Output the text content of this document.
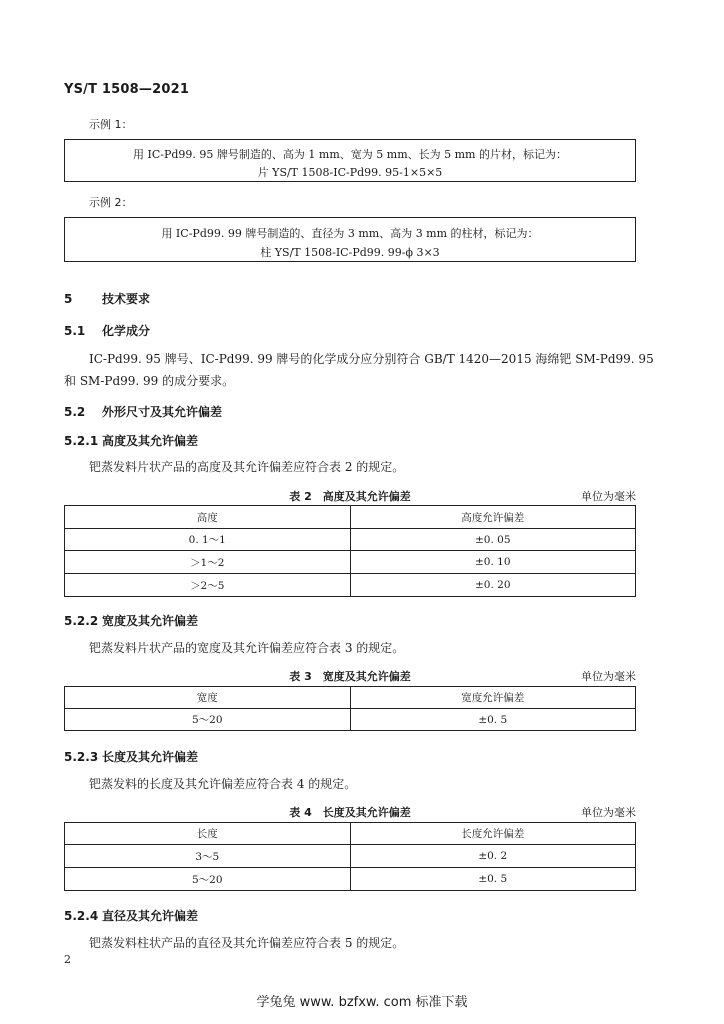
YS/T 1508—2021
示例 1：
用 IC-Pd99. 95 牌号制造的、高为 1 mm、宽为 5 mm、长为 5 mm 的片材，标记为：
片 YS/T 1508-IC-Pd99. 95-1×5×5
示例 2：
用 IC-Pd99. 99 牌号制造的、直径为 3 mm、高为 3 mm 的柱材，标记为：
柱 YS/T 1508-IC-Pd99. 99-ϕ 3×3
5 技术要求
5.1 化学成分
IC-Pd99. 95 牌号、IC-Pd99. 99 牌号的化学成分应分别符合 GB/T 1420—2015 海绵钯 SM-Pd99. 95
和 SM-Pd99. 99 的成分要求。
5.2 外形尺寸及其允许偏差
5.2.1 高度及其允许偏差
钯蒸发料片状产品的高度及其允许偏差应符合表 2 的规定。
表 2　高度及其允许偏差	单位为毫米
高度	高度允许偏差
0. 1～1	±0. 05
＞1～2	±0. 10
＞2～5	±0. 20
5.2.2 宽度及其允许偏差
钯蒸发料片状产品的宽度及其允许偏差应符合表 3 的规定。
表 3　宽度及其允许偏差	单位为毫米
宽度	宽度允许偏差
5～20	±0. 5
5.2.3 长度及其允许偏差
钯蒸发料的长度及其允许偏差应符合表 4 的规定。
表 4　长度及其允许偏差	单位为毫米
长度	长度允许偏差
3～5	±0. 2
5～20	±0. 5
5.2.4 直径及其允许偏差
钯蒸发料柱状产品的直径及其允许偏差应符合表 5 的规定。
2
学兔兔 www. bzfxw. com 标准下载
